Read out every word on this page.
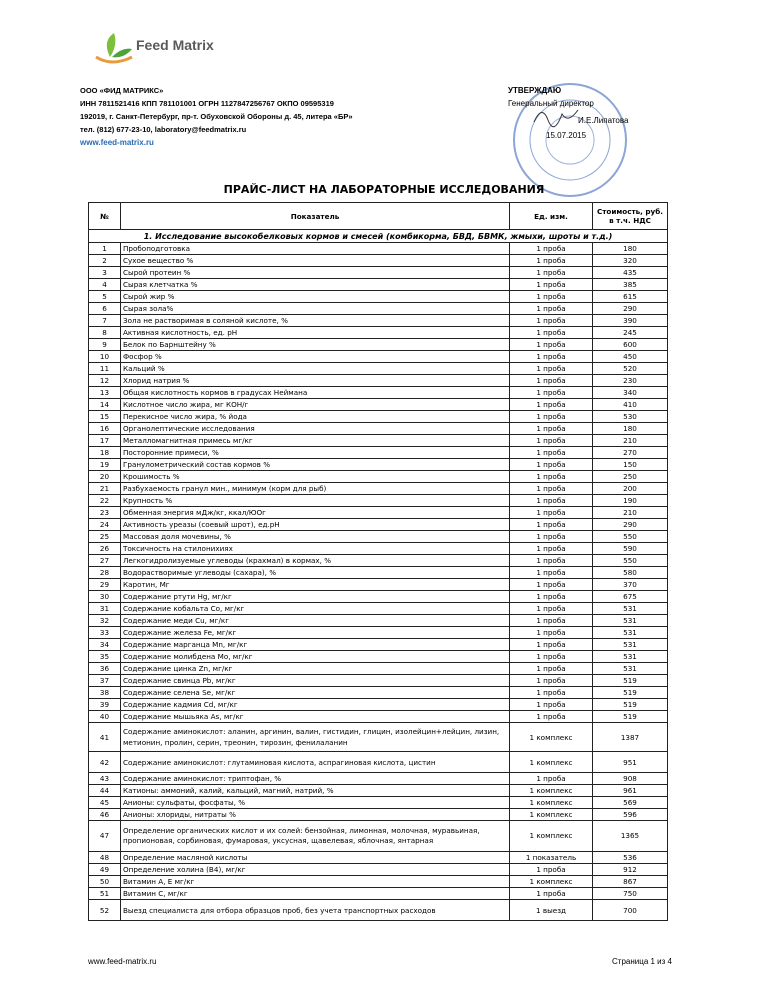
Feed Matrix
ООО «ФИД МАТРИКС»
ИНН 7811521416 КПП 781101001 ОГРН 1127847256767 ОКПО 09595319
192019, г. Санкт-Петербург, пр-т. Обуховской Обороны д. 45, литера «БР»
тел. (812) 677-23-10, laboratory@feedmatrix.ru
www.feed-matrix.ru
УТВЕРЖДАЮ
Генеральный директор
И.Е.Липатова
15.07.2015
ПРАЙС-ЛИСТ НА ЛАБОРАТОРНЫЕ ИССЛЕДОВАНИЯ
№	Показатель	Ед. изм.	Стоимость, руб. в т.ч. НДС
1. Исследование высокобелковых кормов и смесей (комбикорма, БВД, БВМК, жмыхи, шроты и т.д.)			
1	Пробоподготовка	1 проба	180
2	Сухое вещество %	1 проба	320
3	Сырой протеин %	1 проба	435
4	Сырая клетчатка %	1 проба	385
5	Сырой жир %	1 проба	615
6	Сырая зола%	1 проба	290
7	Зола не растворимая в соляной кислоте, %	1 проба	390
8	Активная кислотность, ед. pH	1 проба	245
9	Белок по Барнштейну %	1 проба	600
10	Фосфор %	1 проба	450
11	Кальций %	1 проба	520
12	Хлорид натрия %	1 проба	230
13	Общая кислотность кормов в градусах Неймана	1 проба	340
14	Кислотное число жира, мг КОН/г	1 проба	410
15	Перекисное число жира, % йода	1 проба	530
16	Органолептические исследования	1 проба	180
17	Металломагнитная примесь мг/кг	1 проба	210
18	Посторонние примеси, %	1 проба	270
19	Гранулометрический состав кормов %	1 проба	150
20	Крошимость %	1 проба	250
21	Разбухаемость гранул мин., минимум (корм для рыб)	1 проба	200
22	Крупность %	1 проба	190
23	Обменная энергия мДж/кг, ккал/ЮОг	1 проба	210
24	Активность уреазы (соевый шрот), ед.pH	1 проба	290
25	Массовая доля мочевины, %	1 проба	550
26	Токсичность на стилонихиях	1 проба	590
27	Легкогидролизуемые углеводы (крахмал) в кормах, %	1 проба	550
28	Водорастворимые углеводы (сахара), %	1 проба	580
29	Каротин, Мг	1 проба	370
30	Содержание ртути Hg, мг/кг	1 проба	675
31	Содержание кобальта Co, мг/кг	1 проба	531
32	Содержание меди Cu, мг/кг	1 проба	531
33	Содержание железа Fe, мг/кг	1 проба	531
34	Содержание марганца Mn, мг/кг	1 проба	531
35	Содержание молибдена Mo, мг/кг	1 проба	531
36	Содержание цинка Zn, мг/кг	1 проба	531
37	Содержание свинца Pb, мг/кг	1 проба	519
38	Содержание селена Se, мг/кг	1 проба	519
39	Содержание кадмия Cd, мг/кг	1 проба	519
40	Содержание мышьяка As, мг/кг	1 проба	519
41	Содержание аминокислот: аланин, аргинин, валин, гистидин, глицин, изолейцин+лейцин, лизин, метионин, пролин, серин, треонин, тирозин, фенилаланин	1 комплекс	1387
42	Содержание аминокислот: глутаминовая кислота, аспрагиновая кислота, цистин	1 комплекс	951
43	Содержание аминокислот: триптофан, %	1 проба	908
44	Катионы: аммоний, калий, кальций, магний, натрий, %	1 комплекс	961
45	Анионы: сульфаты, фосфаты, %	1 комплекс	569
46	Анионы: хлориды, нитраты %	1 комплекс	596
47	Определение органических кислот и их солей: бензойная, лимонная, молочная, муравьиная, пропионовая, сорбиновая, фумаровая, уксусная, щавелевая, яблочная, янтарная	1 комплекс	1365
48	Определение масляной кислоты	1 показатель	536
49	Определение холина (В4), мг/кг	1 проба	912
50	Витамин А, Е мг/кг	1 комплекс	867
51	Витамин С, мг/кг	1 проба	750
52	Выезд специалиста для отбора образцов проб, без учета транспортных расходов	1 выезд	700
www.feed-matrix.ru	Страница 1 из 4
